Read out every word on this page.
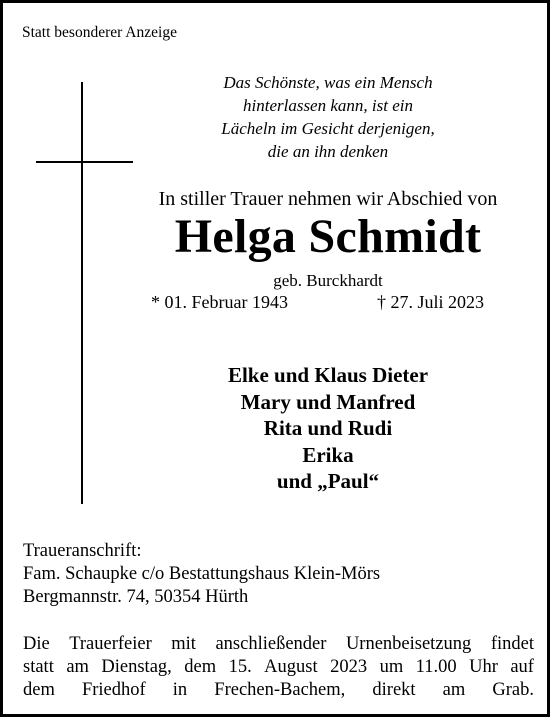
Statt besonderer Anzeige
Das Schönste, was ein Mensch
hinterlassen kann, ist ein
Lächeln im Gesicht derjenigen,
die an ihn denken
In stiller Trauer nehmen wir Abschied von
Helga Schmidt
geb. Burckhardt
* 01. Februar 1943	† 27. Juli 2023
Elke und Klaus Dieter
Mary und Manfred
Rita und Rudi
Erika
und „Paul“
Traueranschrift:
Fam. Schaupke c/o Bestattungshaus Klein-Mörs
Bergmannstr. 74, 50354 Hürth
Die Trauerfeier mit anschließender Urnenbeisetzung findet
statt am Dienstag, dem 15. August 2023 um 11.00 Uhr auf
dem Friedhof in Frechen-Bachem, direkt am Grab.
